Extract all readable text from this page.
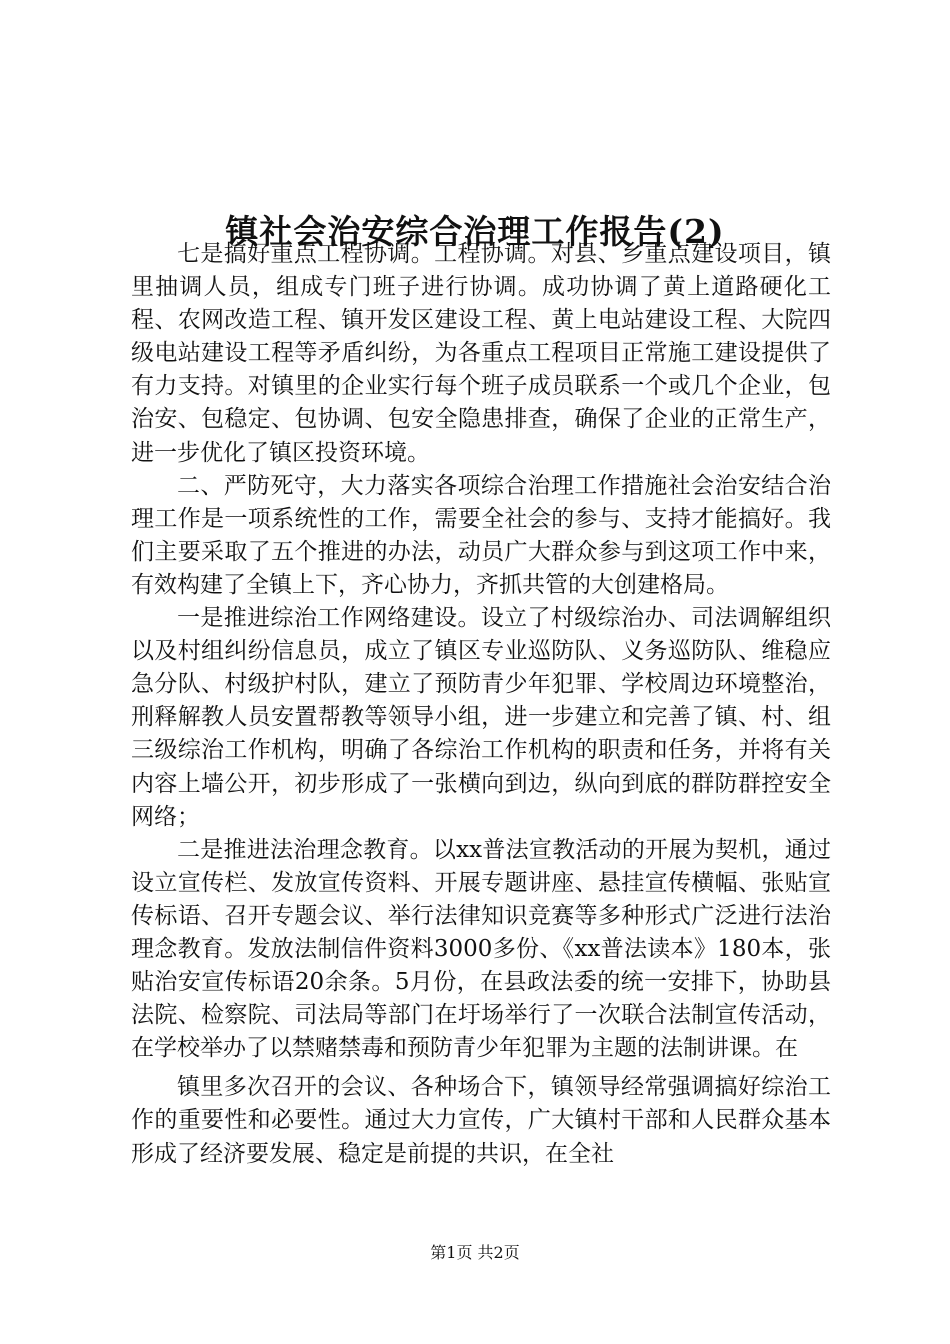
镇社会治安综合治理工作报告(2)

七是搞好重点工程协调。工程协调。对县、乡重点建设项目，镇里抽调人员，组成专门班子进行协调。成功协调了黄上道路硬化工程、农网改造工程、镇开发区建设工程、黄上电站建设工程、大院四级电站建设工程等矛盾纠纷，为各重点工程项目正常施工建设提供了有力支持。对镇里的企业实行每个班子成员联系一个或几个企业，包治安、包稳定、包协调、包安全隐患排查，确保了企业的正常生产，进一步优化了镇区投资环境。

二、严防死守，大力落实各项综合治理工作措施社会治安结合治理工作是一项系统性的工作，需要全社会的参与、支持才能搞好。我们主要采取了五个推进的办法，动员广大群众参与到这项工作中来，有效构建了全镇上下，齐心协力，齐抓共管的大创建格局。

一是推进综治工作网络建设。设立了村级综治办、司法调解组织以及村组纠纷信息员，成立了镇区专业巡防队、义务巡防队、维稳应急分队、村级护村队，建立了预防青少年犯罪、学校周边环境整治，刑释解教人员安置帮教等领导小组，进一步建立和完善了镇、村、组三级综治工作机构，明确了各综治工作机构的职责和任务，并将有关内容上墙公开，初步形成了一张横向到边，纵向到底的群防群控安全网络；

二是推进法治理念教育。以xx普法宣教活动的开展为契机，通过设立宣传栏、发放宣传资料、开展专题讲座、悬挂宣传横幅、张贴宣传标语、召开专题会议、举行法律知识竞赛等多种形式广泛进行法治理念教育。发放法制信件资料3000多份、《xx普法读本》180本，张贴治安宣传标语20余条。5月份，在县政法委的统一安排下，协助县法院、检察院、司法局等部门在圩场举行了一次联合法制宣传活动，在学校举办了以禁赌禁毒和预防青少年犯罪为主题的法制讲课。在

镇里多次召开的会议、各种场合下，镇领导经常强调搞好综治工作的重要性和必要性。通过大力宣传，广大镇村干部和人民群众基本形成了经济要发展、稳定是前提的共识，在全社

第1页 共2页
